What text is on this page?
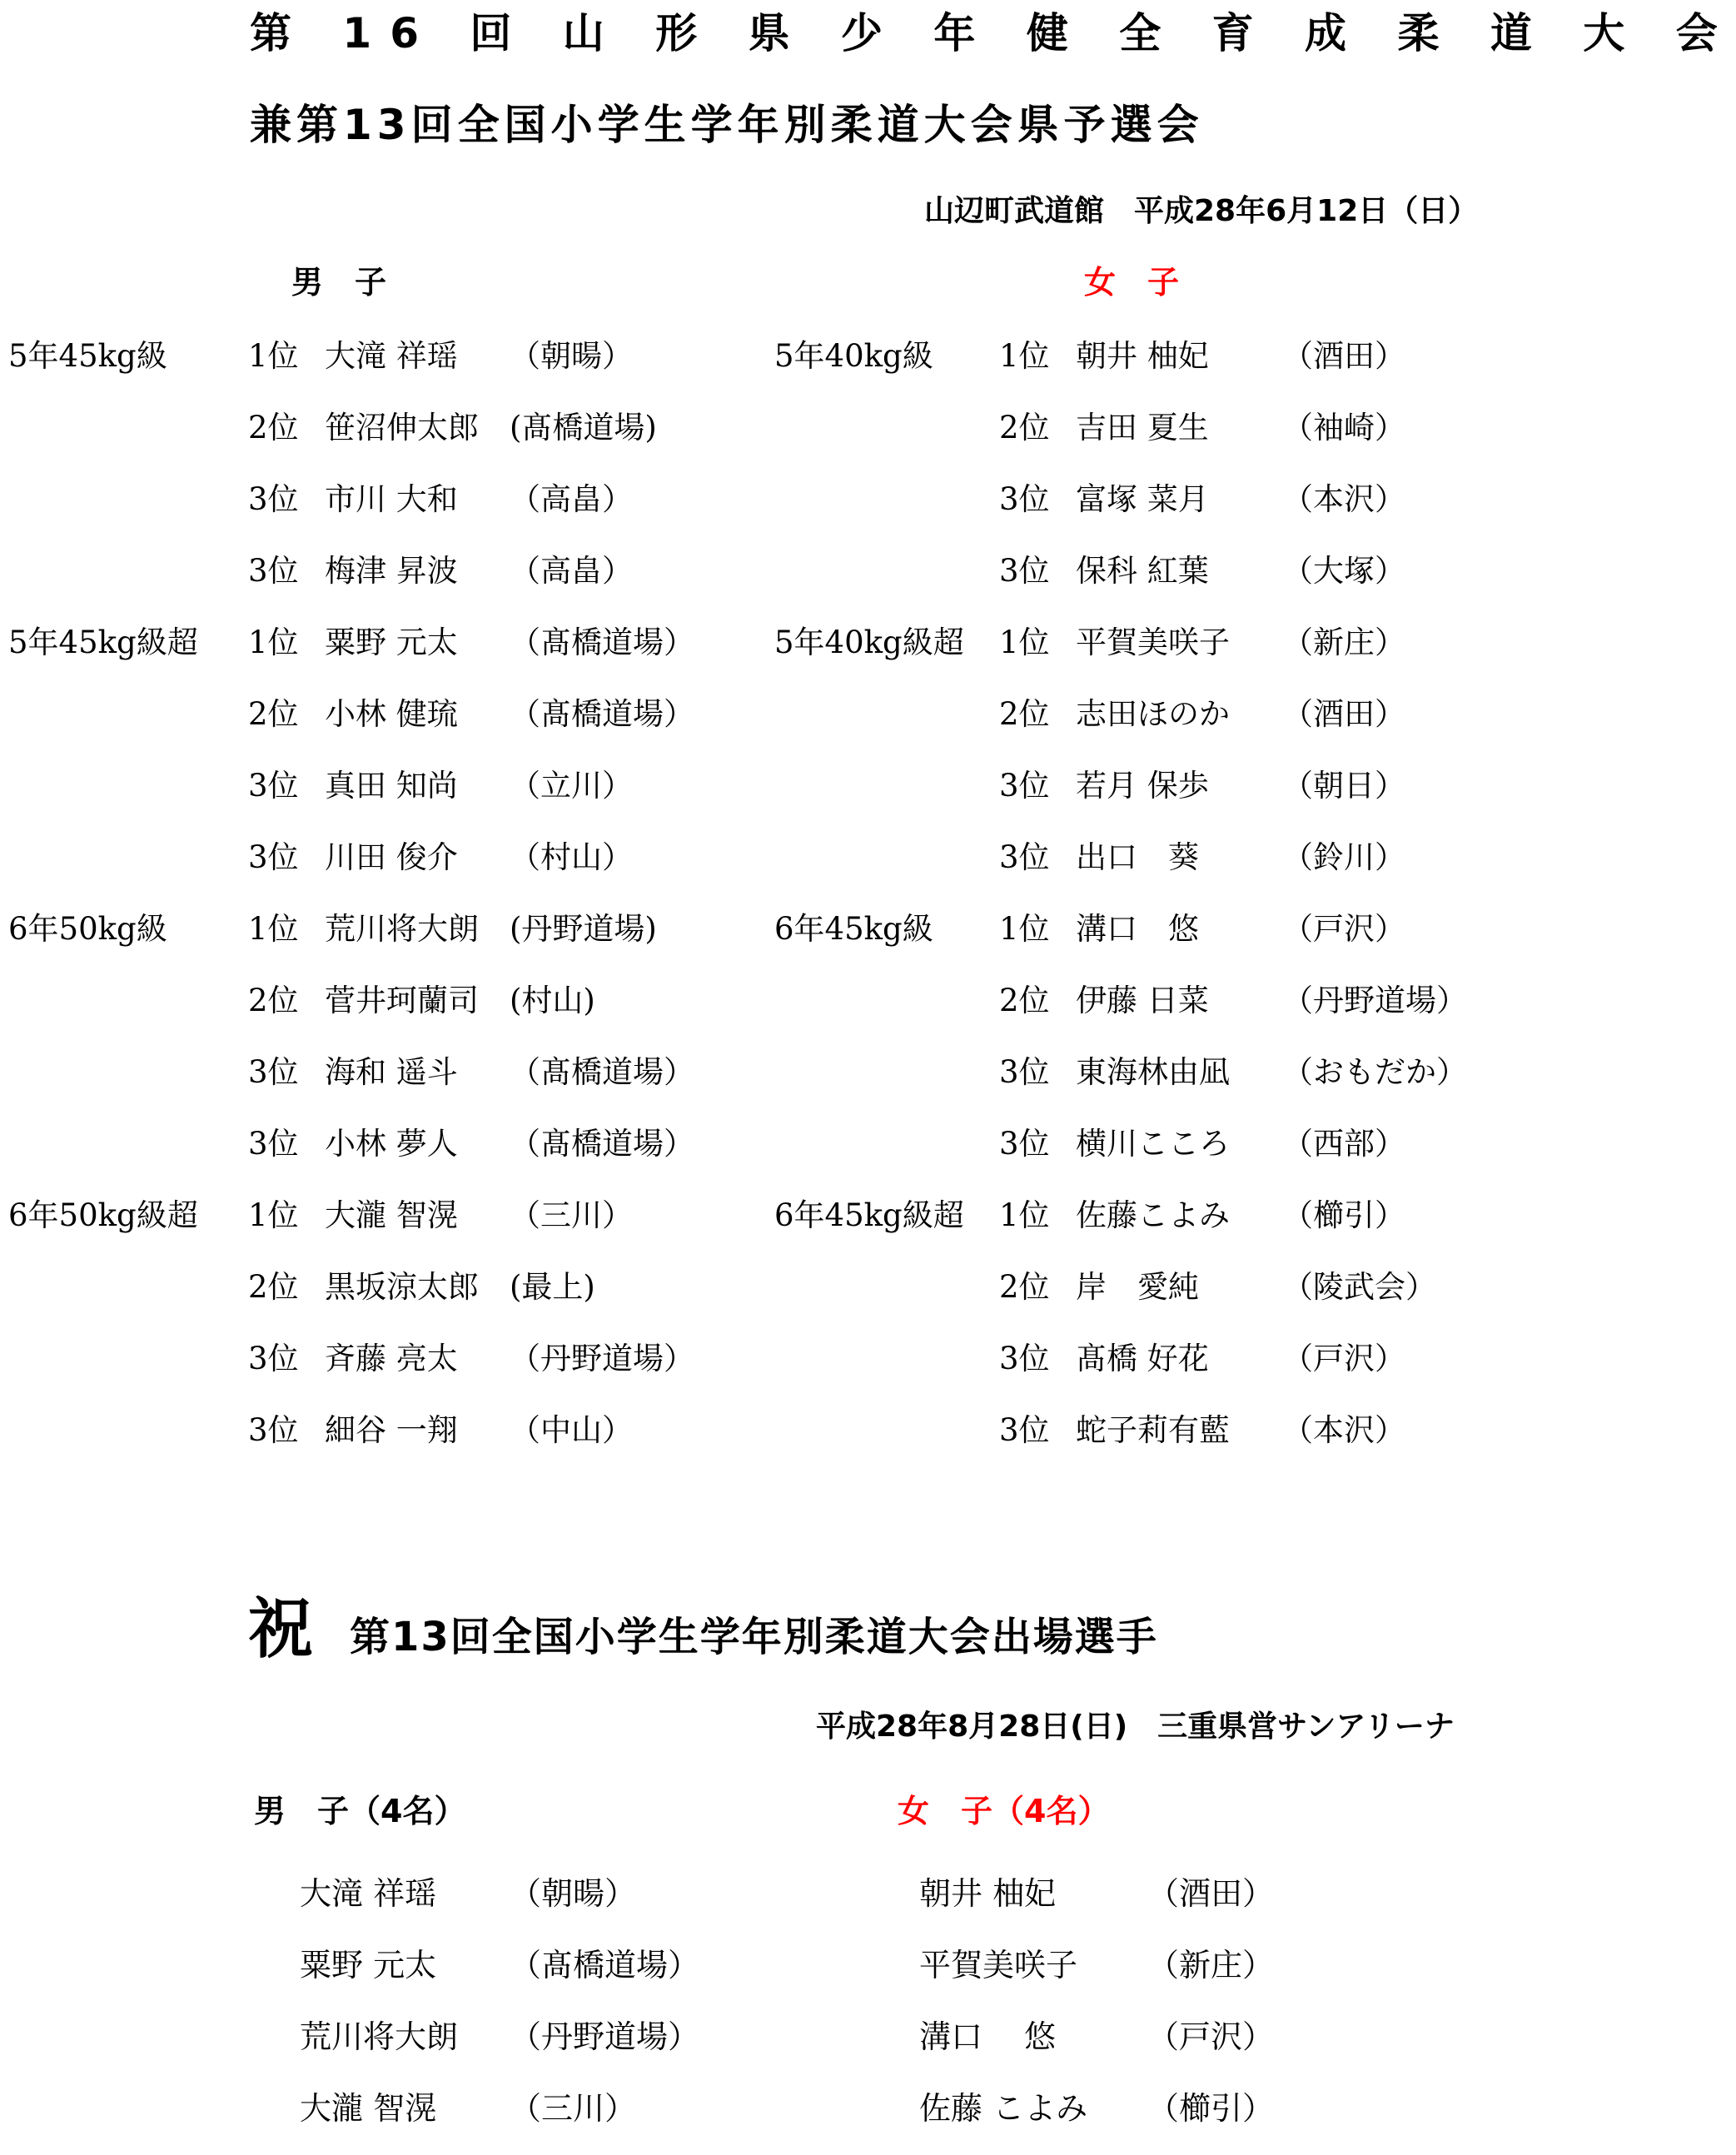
第 16 回 山 形 県 少 年 健 全 育 成 柔 道 大 会
兼第13回全国小学生学年別柔道大会県予選会
山辺町武道館　平成28年6月12日（日）
男　子	女　子
5年45kg級	1位 大滝 祥瑶 （朝暘）	5年40kg級 1位 朝井 柚妃 （酒田）
2位 笹沼伸太郎 (髙橋道場)	2位 吉田 夏生 （袖崎）
3位 市川 大和 （高畠）	3位 富塚 菜月 （本沢）
3位 梅津 昇波 （高畠）	3位 保科 紅葉 （大塚）
5年45kg級超 1位 粟野 元太 （髙橋道場）	5年40kg級超 1位 平賀美咲子 （新庄）
2位 小林 健琉 （髙橋道場）	2位 志田ほのか （酒田）
3位 真田 知尚 （立川）	3位 若月 保歩 （朝日）
3位 川田 俊介 （村山）	3位 出口　葵	（鈴川）
6年50kg級	1位 荒川将大朗 (丹野道場)	6年45kg級 1位 溝口　悠	（戸沢）
2位 菅井珂蘭司 (村山)	2位 伊藤 日菜 （丹野道場）
3位 海和 遥斗 （髙橋道場）	3位 東海林由凪 （おもだか）
3位 小林 夢人 （髙橋道場）	3位 横川こころ （西部）
6年50kg級超 1位 大瀧 智滉 （三川）	6年45kg級超 1位 佐藤こよみ （櫛引）
2位 黒坂涼太郎 (最上)	2位 岸　愛純	（陵武会）
3位 斉藤 亮太 （丹野道場）	3位 髙橋 好花 （戸沢）
3位 細谷 一翔 （中山）	3位 蛇子莉有藍 （本沢）
祝 第13回全国小学生学年別柔道大会出場選手
平成28年8月28日(日)　三重県営サンアリーナ
男　子（4名）	女　子（4名）
大滝 祥瑶 （朝暘）	朝井 柚妃	（酒田）
粟野 元太 （髙橋道場）	平賀美咲子 （新庄）
荒川将大朗 （丹野道場）	溝口　 悠	（戸沢）
大瀧 智滉 （三川）	佐藤 こよみ （櫛引）
